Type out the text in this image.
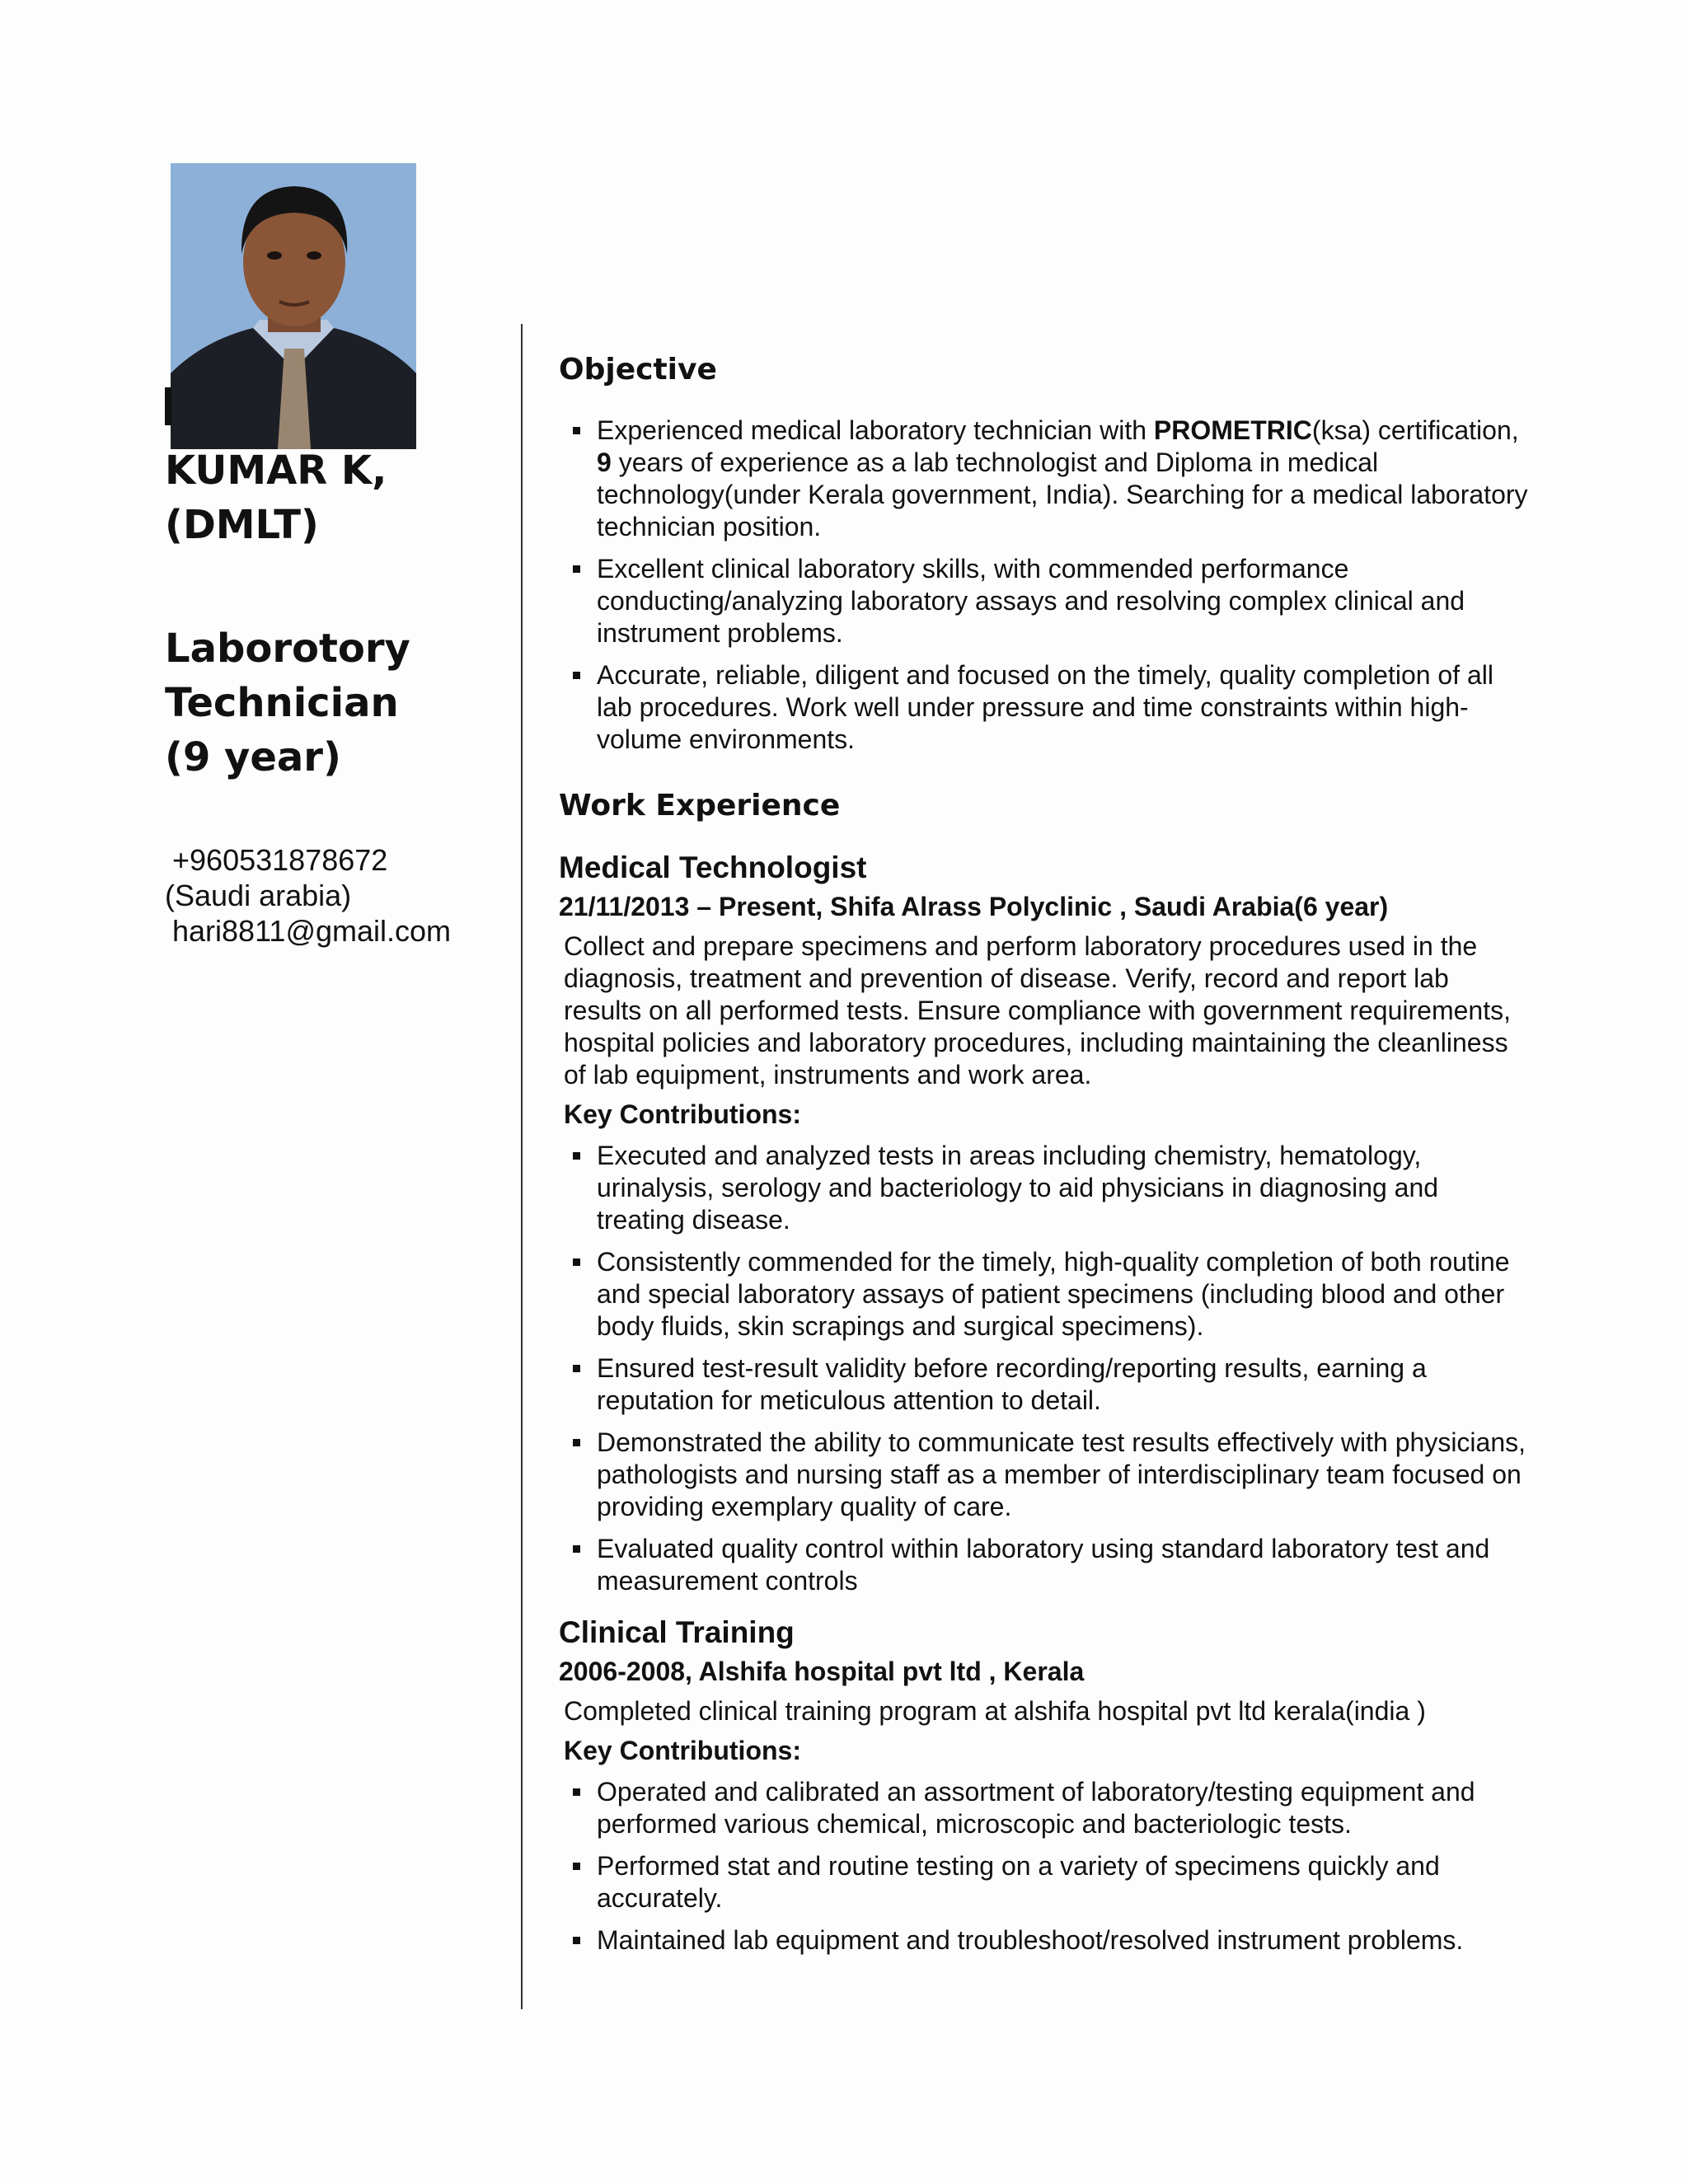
KUMAR K,
(DMLT)
Laborotory
Technician
(9 year)
+960531878672
(Saudi arabia)
hari8811@gmail.com
Objective
Experienced medical laboratory technician with PROMETRIC(ksa) certification, 9 years of experience as a lab technologist and Diploma in medical technology(under Kerala government, India). Searching for a medical laboratory technician position.
Excellent clinical laboratory skills, with commended performance conducting/analyzing laboratory assays and resolving complex clinical and instrument problems.
Accurate, reliable, diligent and focused on the timely, quality completion of all lab procedures. Work well under pressure and time constraints within high-volume environments.
Work Experience
Medical Technologist

21/11/2013 – Present, Shifa Alrass Polyclinic , Saudi Arabia(6 year)

Collect and prepare specimens and perform laboratory procedures used in the diagnosis, treatment and prevention of disease. Verify, record and report lab results on all performed tests. Ensure compliance with government requirements, hospital policies and laboratory procedures, including maintaining the cleanliness of lab equipment, instruments and work area.

Key Contributions:

Executed and analyzed tests in areas including chemistry, hematology, urinalysis, serology and bacteriology to aid physicians in diagnosing and treating disease.
Consistently commended for the timely, high-quality completion of both routine and special laboratory assays of patient specimens (including blood and other body fluids, skin scrapings and surgical specimens).
Ensured test-result validity before recording/reporting results, earning a reputation for meticulous attention to detail.
Demonstrated the ability to communicate test results effectively with physicians, pathologists and nursing staff as a member of interdisciplinary team focused on providing exemplary quality of care.
Evaluated quality control within laboratory using standard laboratory test and measurement controls
Clinical Training

2006-2008, Alshifa hospital pvt ltd , Kerala

Completed clinical training program at alshifa hospital pvt ltd kerala(india )

Key Contributions:

Operated and calibrated an assortment of laboratory/testing equipment and performed various chemical, microscopic and bacteriologic tests.
Performed stat and routine testing on a variety of specimens quickly and accurately.
Maintained lab equipment and troubleshoot/resolved instrument problems.
